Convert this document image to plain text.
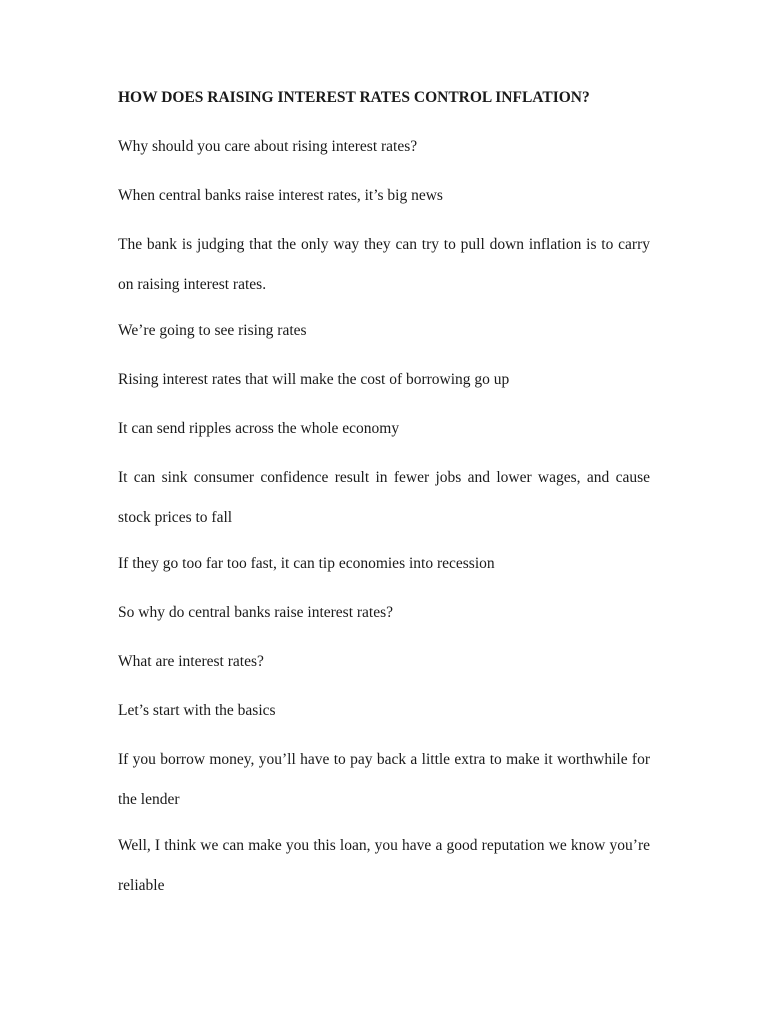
HOW DOES RAISING INTEREST RATES CONTROL INFLATION?
Why should you care about rising interest rates?
When central banks raise interest rates, it’s big news
The bank is judging that the only way they can try to pull down inflation is to carry on raising interest rates.
We’re going to see rising rates
Rising interest rates that will make the cost of borrowing go up
It can send ripples across the whole economy
It can sink consumer confidence result in fewer jobs and lower wages, and cause stock prices to fall
If they go too far too fast, it can tip economies into recession
So why do central banks raise interest rates?
What are interest rates?
Let’s start with the basics
If you borrow money, you’ll have to pay back a little extra to make it worthwhile for the lender
Well, I think we can make you this loan, you have a good reputation we know you’re reliable
